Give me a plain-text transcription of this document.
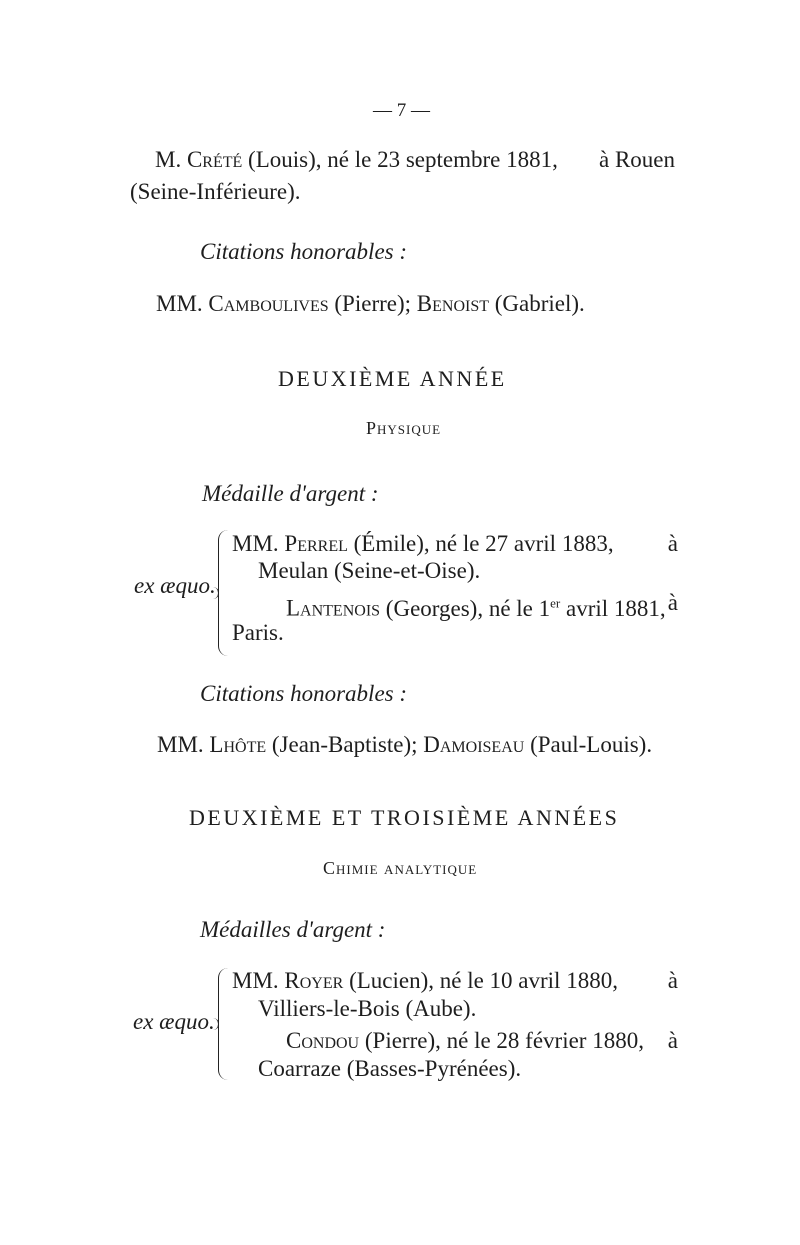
— 7 —
M. Crété (Louis), né le 23 septembre 1881, à Rouen
(Seine-Inférieure).
Citations honorables :
MM. Camboulives (Pierre); Benoist (Gabriel).
DEUXIÈME ANNÉE
Physique
Médaille d'argent :
ex æquo.
MM. Perrel (Émile), né le 27 avril 1883, à
Meulan (Seine-et-Oise).
Lantenois (Georges), né le 1er avril 1881, à
Paris.
Citations honorables :
MM. Lhôte (Jean-Baptiste); Damoiseau (Paul-Louis).
DEUXIÈME ET TROISIÈME ANNÉES
Chimie analytique
Médailles d'argent :
ex æquo.
MM. Royer (Lucien), né le 10 avril 1880, à
Villiers-le-Bois (Aube).
Condou (Pierre), né le 28 février 1880, à
Coarraze (Basses-Pyrénées).
